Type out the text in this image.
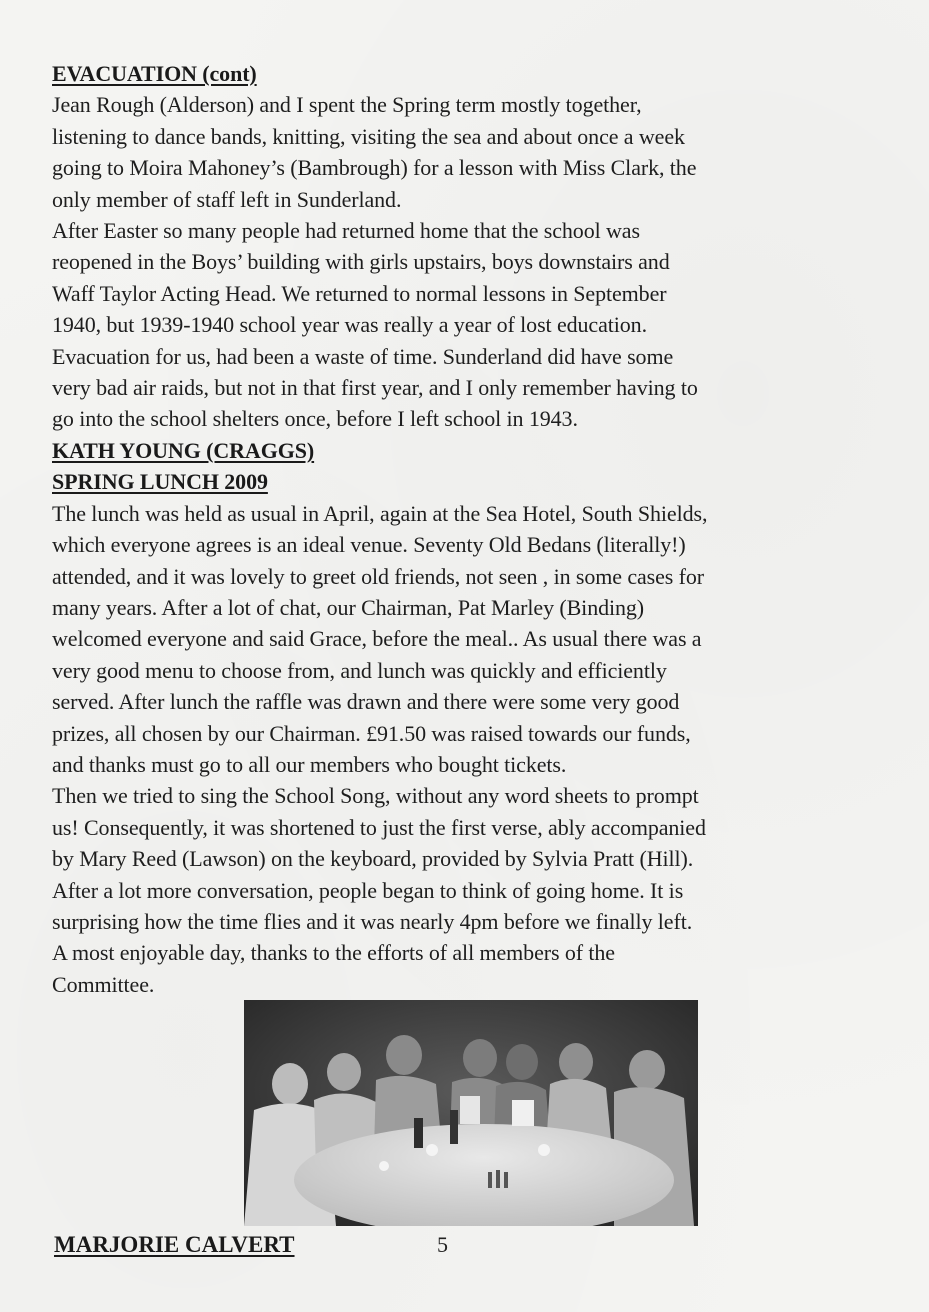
EVACUATION (cont)

Jean Rough (Alderson) and I spent the Spring term mostly together,
listening to dance bands, knitting, visiting the sea and about once a week
going to Moira Mahoney’s (Bambrough) for a lesson with Miss Clark, the
only member of staff left in Sunderland.

After Easter so many people had returned home that the school was
reopened in the Boys’ building with girls upstairs, boys downstairs and
Waff Taylor Acting Head. We returned to normal lessons in September
1940, but 1939-1940 school year was really a year of lost education.
Evacuation for us, had been a waste of time. Sunderland did have some
very bad air raids, but not in that first year, and I only remember having to
go into the school shelters once, before I left school in 1943.

KATH YOUNG (CRAGGS)
SPRING LUNCH 2009

The lunch was held as usual in April, again at the Sea Hotel, South Shields,
which everyone agrees is an ideal venue. Seventy Old Bedans (literally!)
attended, and it was lovely to greet old friends, not seen , in some cases for
many years. After a lot of chat, our Chairman, Pat Marley (Binding)
welcomed everyone and said Grace, before the meal.. As usual there was a
very good menu to choose from, and lunch was quickly and efficiently
served. After lunch the raffle was drawn and there were some very good
prizes, all chosen by our Chairman. £91.50 was raised towards our funds,
and thanks must go to all our members who bought tickets.

Then we tried to sing the School Song, without any word sheets to prompt
us! Consequently, it was shortened to just the first verse, ably accompanied
by Mary Reed (Lawson) on the keyboard, provided by Sylvia Pratt (Hill).
After a lot more conversation, people began to think of going home. It is
surprising how the time flies and it was nearly 4pm before we finally left.
A most enjoyable day, thanks to the efforts of all members of the
Committee.

MARJORIE CALVERT	5
